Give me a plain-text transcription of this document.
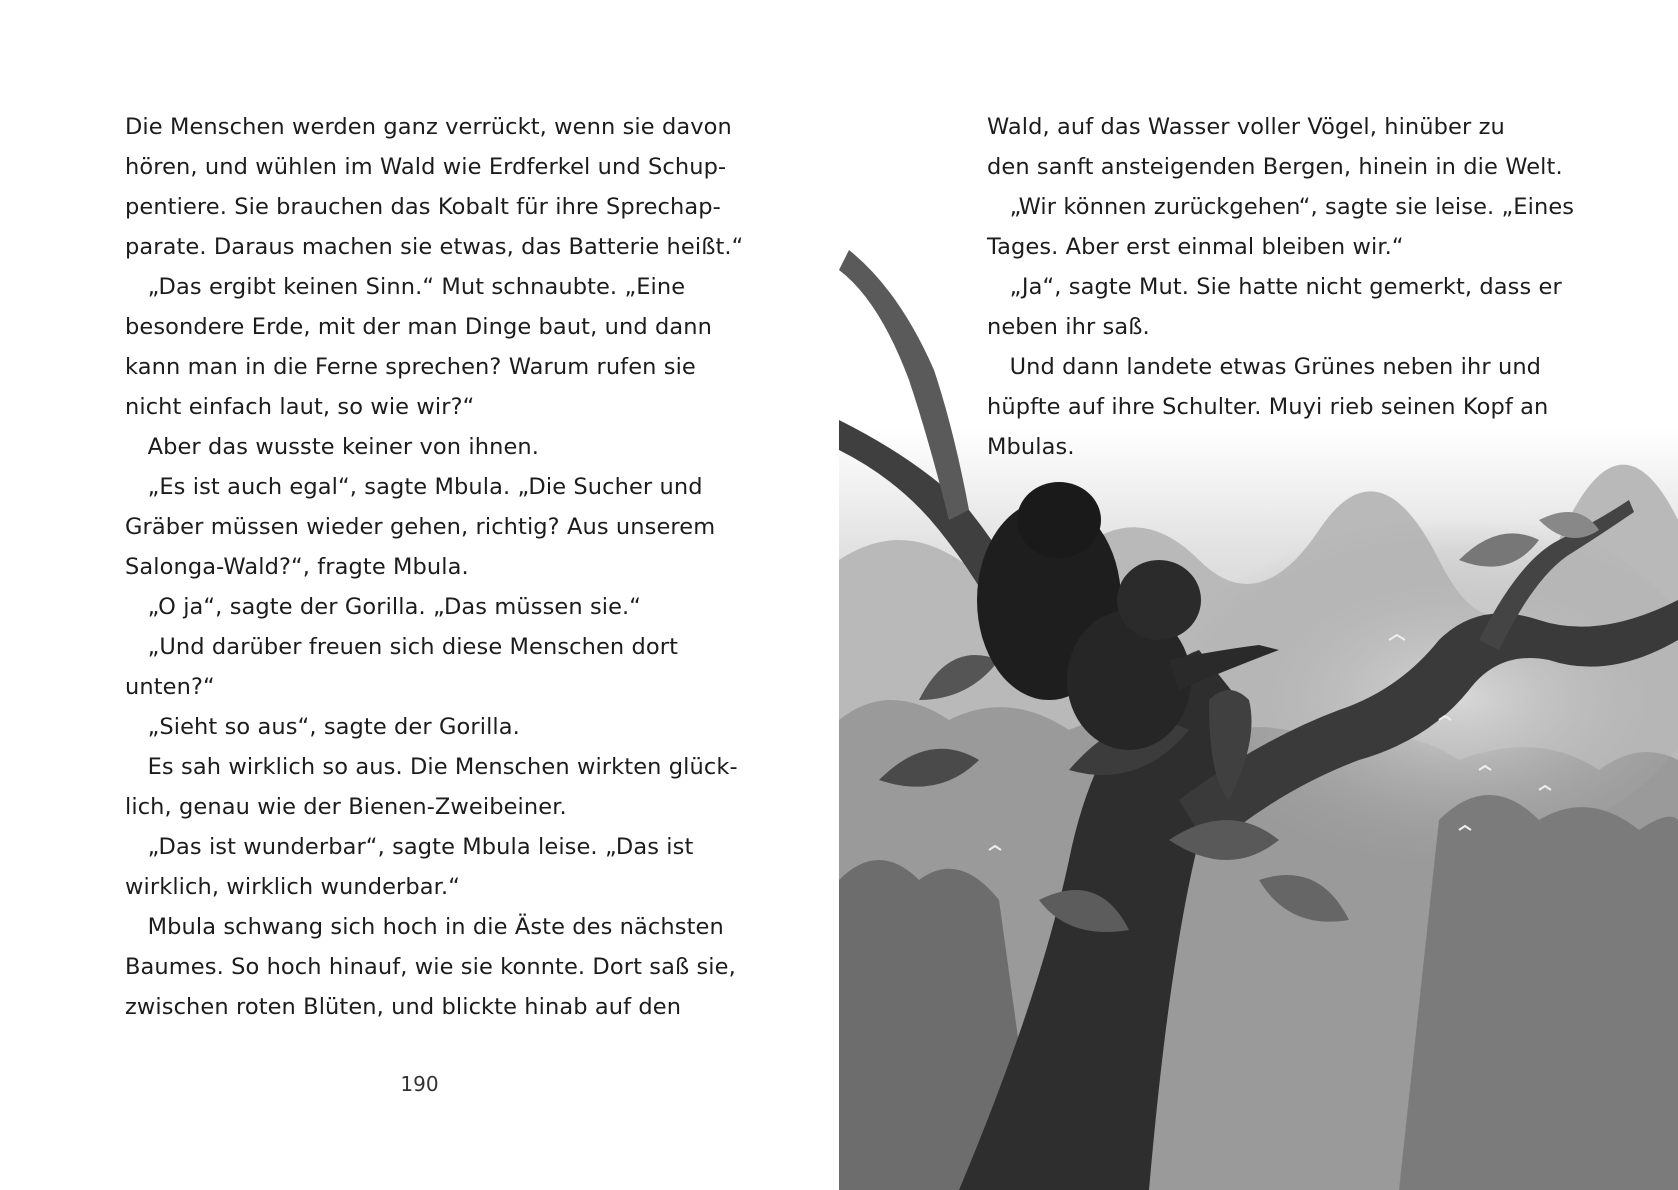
Die Menschen werden ganz verrückt, wenn sie davon

hören, und wühlen im Wald wie Erdferkel und Schup-

pentiere. Sie brauchen das Kobalt für ihre Sprechap-

parate. Daraus machen sie etwas, das Batterie heißt.“

 „Das ergibt keinen Sinn.“ Mut schnaubte. „Eine

besondere Erde, mit der man Dinge baut, und dann

kann man in die Ferne sprechen? Warum rufen sie

nicht einfach laut, so wie wir?“

 Aber das wusste keiner von ihnen.

 „Es ist auch egal“, sagte Mbula. „Die Sucher und

Gräber müssen wieder gehen, richtig? Aus unserem

Salonga-Wald?“, fragte Mbula.

 „O ja“, sagte der Gorilla. „Das müssen sie.“

 „Und darüber freuen sich diese Menschen dort

unten?“

 „Sieht so aus“, sagte der Gorilla.

 Es sah wirklich so aus. Die Menschen wirkten glück-

lich, genau wie der Bienen-Zweibeiner.

 „Das ist wunderbar“, sagte Mbula leise. „Das ist

wirklich, wirklich wunderbar.“

 Mbula schwang sich hoch in die Äste des nächsten

Baumes. So hoch hinauf, wie sie konnte. Dort saß sie,

zwischen roten Blüten, und blickte hinab auf den

190

Wald, auf das Wasser voller Vögel, hinüber zu

den sanft ansteigenden Bergen, hinein in die Welt.

 „Wir können zurückgehen“, sagte sie leise. „Eines

Tages. Aber erst einmal bleiben wir.“

 „Ja“, sagte Mut. Sie hatte nicht gemerkt, dass er

neben ihr saß.

 Und dann landete etwas Grünes neben ihr und

hüpfte auf ihre Schulter. Muyi rieb seinen Kopf an

Mbulas.
